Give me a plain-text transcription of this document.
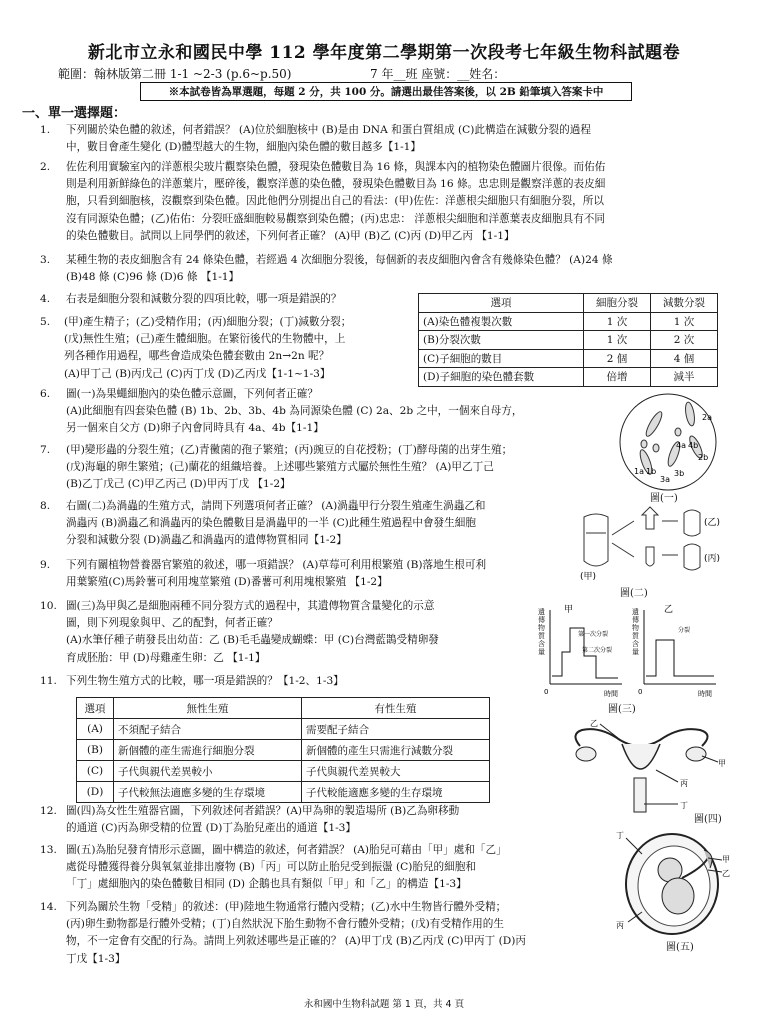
新北市立永和國民中學 112 學年度第二學期第一次段考七年級生物科試題卷
範圍：翰林版第二冊 1-1 ~2-3 (p.6~p.50)	7 年__班 座號：__姓名：
※本試卷皆為單選題，每題 2 分，共 100 分。請選出最佳答案後，以 2B 鉛筆填入答案卡中
一、單一選擇題：
1. 下列關於染色體的敘述，何者錯誤？ (A)位於細胞核中 (B)是由 DNA 和蛋白質組成 (C)此構造在減數分裂的過程
中，數目會產生變化 (D)體型越大的生物，細胞內染色體的數目越多【1-1】
2. 佐佐利用實驗室內的洋蔥根尖玻片觀察染色體，發現染色體數目為 16 條，與課本內的植物染色體圖片很像。而佑佑
則是利用新鮮綠色的洋蔥葉片，壓碎後，觀察洋蔥的染色體，發現染色體數目為 16 條。忠忠則是觀察洋蔥的表皮細
胞，只看到細胞核，沒觀察到染色體。因此他們分別提出自己的看法：(甲)佐佐：洋蔥根尖細胞只有細胞分裂，所以
沒有同源染色體；(乙)佑佑：分裂旺盛細胞較易觀察到染色體；(丙)忠忠： 洋蔥根尖細胞和洋蔥葉表皮細胞具有不同
的染色體數目。試問以上同學們的敘述，下列何者正確？ (A)甲 (B)乙 (C)丙 (D)甲乙丙 【1-1】
3. 某種生物的表皮細胞含有 24 條染色體，若經過 4 次細胞分裂後，每個新的表皮細胞內會含有幾條染色體？ (A)24 條
(B)48 條 (C)96 條 (D)6 條 【1-1】
4. 右表是細胞分裂和減數分裂的四項比較，哪一項是錯誤的？	選項	細胞分裂	減數分裂
(A)染色體複製次數	1 次	1 次
(B)分裂次數	1 次	2 次
(C)子細胞的數目	2 個	4 個
(D)子細胞的染色體套數	倍增	減半
5. (甲)產生精子；(乙)受精作用；(丙)細胞分裂；(丁)減數分裂；
(戊)無性生殖；(己)產生體細胞。在繁衍後代的生物體中，上
列各種作用過程，哪些會造成染色體套數由 2n→2n 呢？
(A)甲丁己 (B)丙戊己 (C)丙丁戊 (D)乙丙戊【1-1~1-3】
6. 圖(一)為果蠅細胞內的染色體示意圖，下列何者正確？
(A)此細胞有四套染色體 (B) 1b、2b、3b、4b 為同源染色體 (C) 2a、2b 之中，一個來自母方，
另一個來自父方 (D)卵子內會同時具有 4a、4b【1-1】
7. (甲)變形蟲的分裂生殖；(乙)青黴菌的孢子繁殖；(丙)豌豆的自花授粉；(丁)酵母菌的出芽生殖；
(戊)海龜的卵生繁殖；(己)蘭花的組織培養。上述哪些繁殖方式屬於無性生殖？ (A)甲乙丁己
(B)乙丁戊己 (C)甲乙丙己 (D)甲丙丁戊 【1-2】
8. 右圖(二)為渦蟲的生殖方式，請問下列選項何者正確？ (A)渦蟲甲行分裂生殖產生渦蟲乙和
渦蟲丙 (B)渦蟲乙和渦蟲丙的染色體數目是渦蟲甲的一半 (C)此種生殖過程中會發生細胞
分裂和減數分裂 (D)渦蟲乙和渦蟲丙的遺傳物質相同【1-2】
9. 下列有關植物營養器官繁殖的敘述，哪一項錯誤？ (A)草莓可利用根繁殖 (B)落地生根可利
用葉繁殖(C)馬鈴薯可利用塊莖繁殖 (D)番薯可利用塊根繁殖 【1-2】
10. 圖(三)為甲與乙是細胞兩種不同分裂方式的過程中，其遺傳物質含量變化的示意
圖，則下列現象與甲、乙的配對，何者正確？
(A)水筆仔種子萌發長出幼苗：乙 (B)毛毛蟲變成蝴蝶：甲 (C)台灣藍鵲受精卵發
育成胚胎：甲 (D)母雞產生卵：乙 【1-1】
11. 下列生物生殖方式的比較，哪一項是錯誤的？【1-2、1-3】
選項	無性生殖	有性生殖
(A)	不須配子結合	需要配子結合
(B)	新個體的產生需進行細胞分裂	新個體的產生只需進行減數分裂
(C)	子代與親代差異較小	子代與親代差異較大
(D)	子代較無法適應多變的生存環境	子代較能適應多變的生存環境
12. 圖(四)為女性生殖器官圖，下列敘述何者錯誤？(A)甲為卵的製造場所 (B)乙為卵移動
的通道 (C)丙為卵受精的位置 (D)丁為胎兒產出的通道【1-3】
13. 圖(五)為胎兒發育情形示意圖，圖中構造的敘述，何者錯誤？ (A)胎兒可藉由「甲」處和「乙」
處從母體獲得養分與氧氣並排出廢物 (B)「丙」可以防止胎兒受到振盪 (C)胎兒的細胞和
「丁」處細胞內的染色體數目相同 (D) 企鵝也具有類似「甲」和「乙」的構造【1-3】
14. 下列為關於生物「受精」的敘述：(甲)陸地生物通常行體內受精；(乙)水中生物皆行體外受精；
(丙)卵生動物都是行體外受精；(丁)自然狀況下胎生動物不會行體外受精；(戊)有受精作用的生
物，不一定會有交配的行為。請問上列敘述哪些是正確的？ (A)甲丁戊 (B)乙丙戊 (C)甲丙丁 (D)丙
丁戊【1-3】
2a
4a 4b
2b
1a 1b
3a
3b
圖(一)
(乙)
(丙)
(甲)
圖(二)
甲
第一次分裂
第二次分裂
0	時間
乙
分裂
0	時間
遺傳物質含量
遺傳物質含量
圖(三)
乙
甲
丙
丁
圖(四)
丁
甲
乙
丙
圖(五)
永和國中生物科試題 第 1 頁，共 4 頁
